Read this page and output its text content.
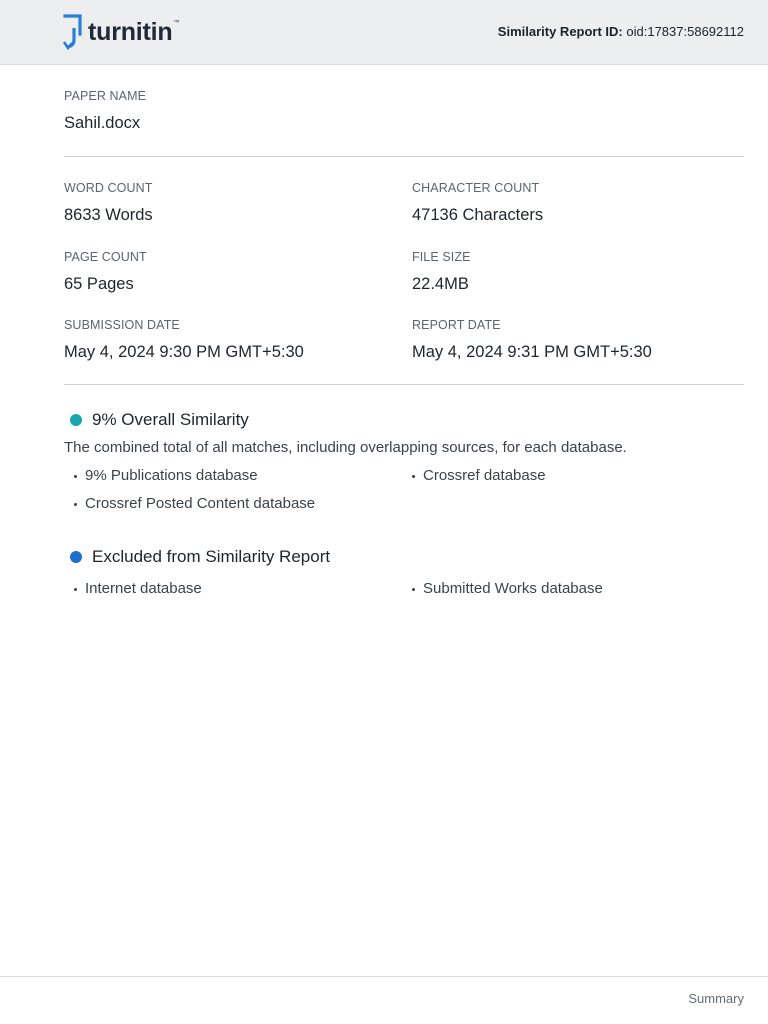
turnitin ™
Similarity Report ID: oid:17837:58692112
PAPER NAME
Sahil.docx
WORD COUNT
8633 Words
CHARACTER COUNT
47136 Characters
PAGE COUNT
65 Pages
FILE SIZE
22.4MB
SUBMISSION DATE
May 4, 2024 9:30 PM GMT+5:30
REPORT DATE
May 4, 2024 9:31 PM GMT+5:30
9% Overall Similarity
The combined total of all matches, including overlapping sources, for each database.
9% Publications database	Crossref database
Crossref Posted Content database
Excluded from Similarity Report
Internet database	Submitted Works database
Summary
